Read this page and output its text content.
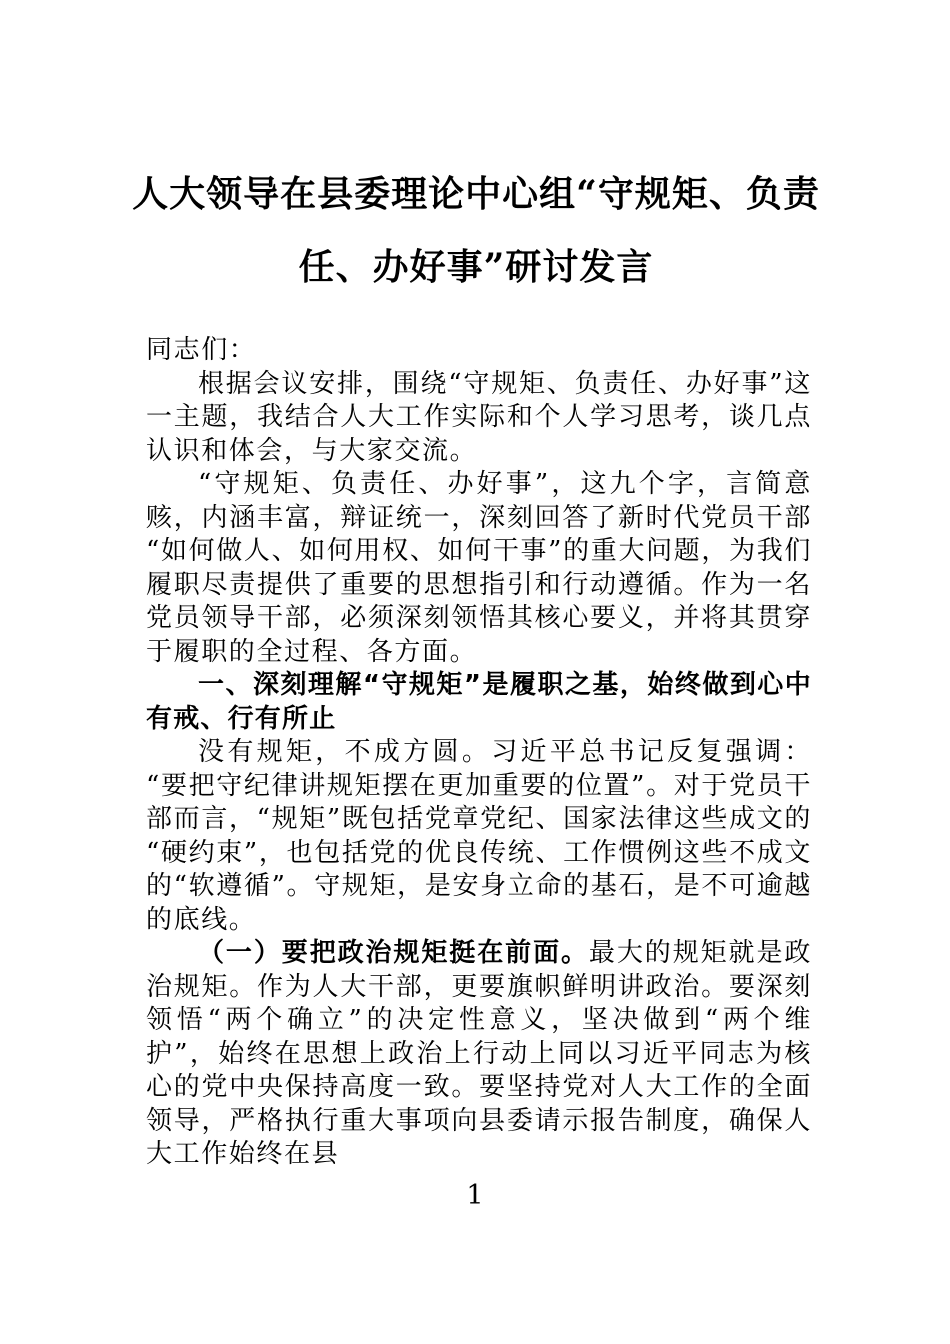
人大领导在县委理论中心组“守规矩、负责任、办好事”研讨发言

同志们：

根据会议安排，围绕“守规矩、负责任、办好事”这一主题，我结合人大工作实际和个人学习思考，谈几点认识和体会，与大家交流。

“守规矩、负责任、办好事”，这九个字，言简意赅，内涵丰富，辩证统一，深刻回答了新时代党员干部“如何做人、如何用权、如何干事”的重大问题，为我们履职尽责提供了重要的思想指引和行动遵循。作为一名党员领导干部，必须深刻领悟其核心要义，并将其贯穿于履职的全过程、各方面。

一、深刻理解“守规矩”是履职之基，始终做到心中有戒、行有所止

没有规矩，不成方圆。习近平总书记反复强调：“要把守纪律讲规矩摆在更加重要的位置”。对于党员干部而言，“规矩”既包括党章党纪、国家法律这些成文的“硬约束”，也包括党的优良传统、工作惯例这些不成文的“软遵循”。守规矩，是安身立命的基石，是不可逾越的底线。

（一）要把政治规矩挺在前面。最大的规矩就是政治规矩。作为人大干部，更要旗帜鲜明讲政治。要深刻领悟“两个确立”的决定性意义，坚决做到“两个维护”，始终在思想上政治上行动上同以习近平同志为核心的党中央保持高度一致。要坚持党对人大工作的全面领导，严格执行重大事项向县委请示报告制度，确保人大工作始终在县

1
